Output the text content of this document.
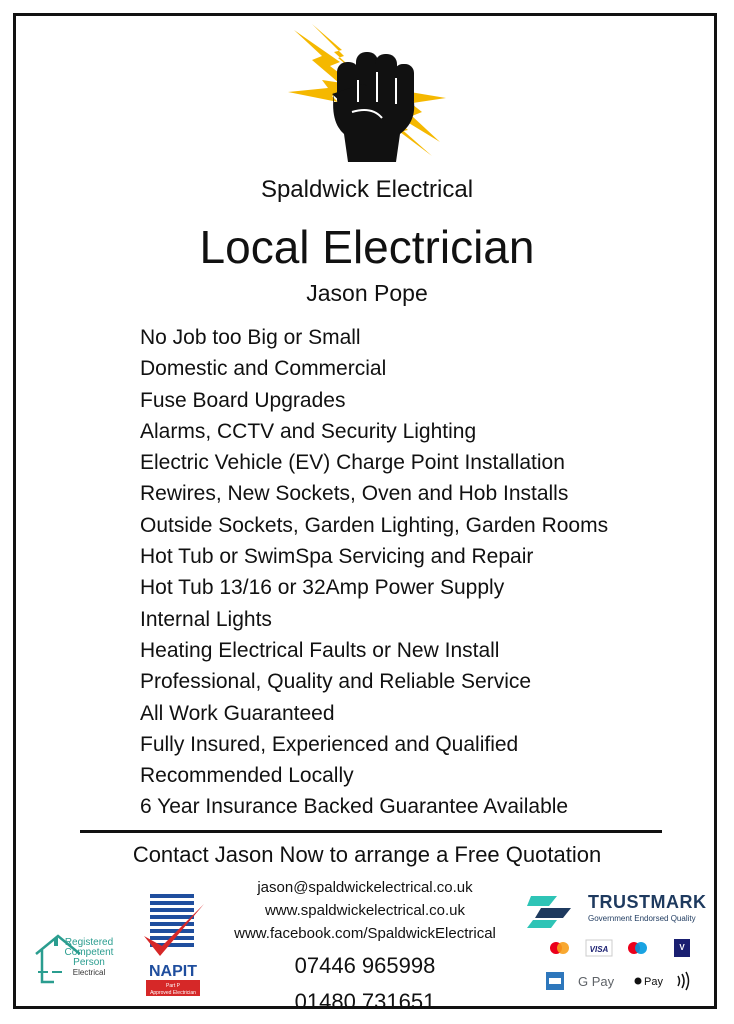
Spaldwick Electrical
Local Electrician
Jason Pope
No Job too Big or Small
Domestic and Commercial
Fuse Board Upgrades
Alarms, CCTV and Security Lighting
Electric Vehicle (EV) Charge Point Installation
Rewires, New Sockets, Oven and Hob Installs
Outside Sockets, Garden Lighting, Garden Rooms
Hot Tub or SwimSpa Servicing and Repair
Hot Tub 13/16 or 32Amp Power Supply
Internal Lights
Heating Electrical Faults or New Install
Professional, Quality and Reliable Service
All Work Guaranteed
Fully Insured, Experienced and Qualified
Recommended Locally
6 Year Insurance Backed Guarantee Available
Contact Jason Now to arrange a Free Quotation
jason@spaldwickelectrical.co.uk
www.spaldwickelectrical.co.uk
www.facebook.com/SpaldwickElectrical
07446 965998
01480 731651
Registered
Competent
Person
Electrical	NAPIT
Part P
Approved Electrician
TRUSTMARK
Government Endorsed Quality
VISA	V
G Pay	Pay
